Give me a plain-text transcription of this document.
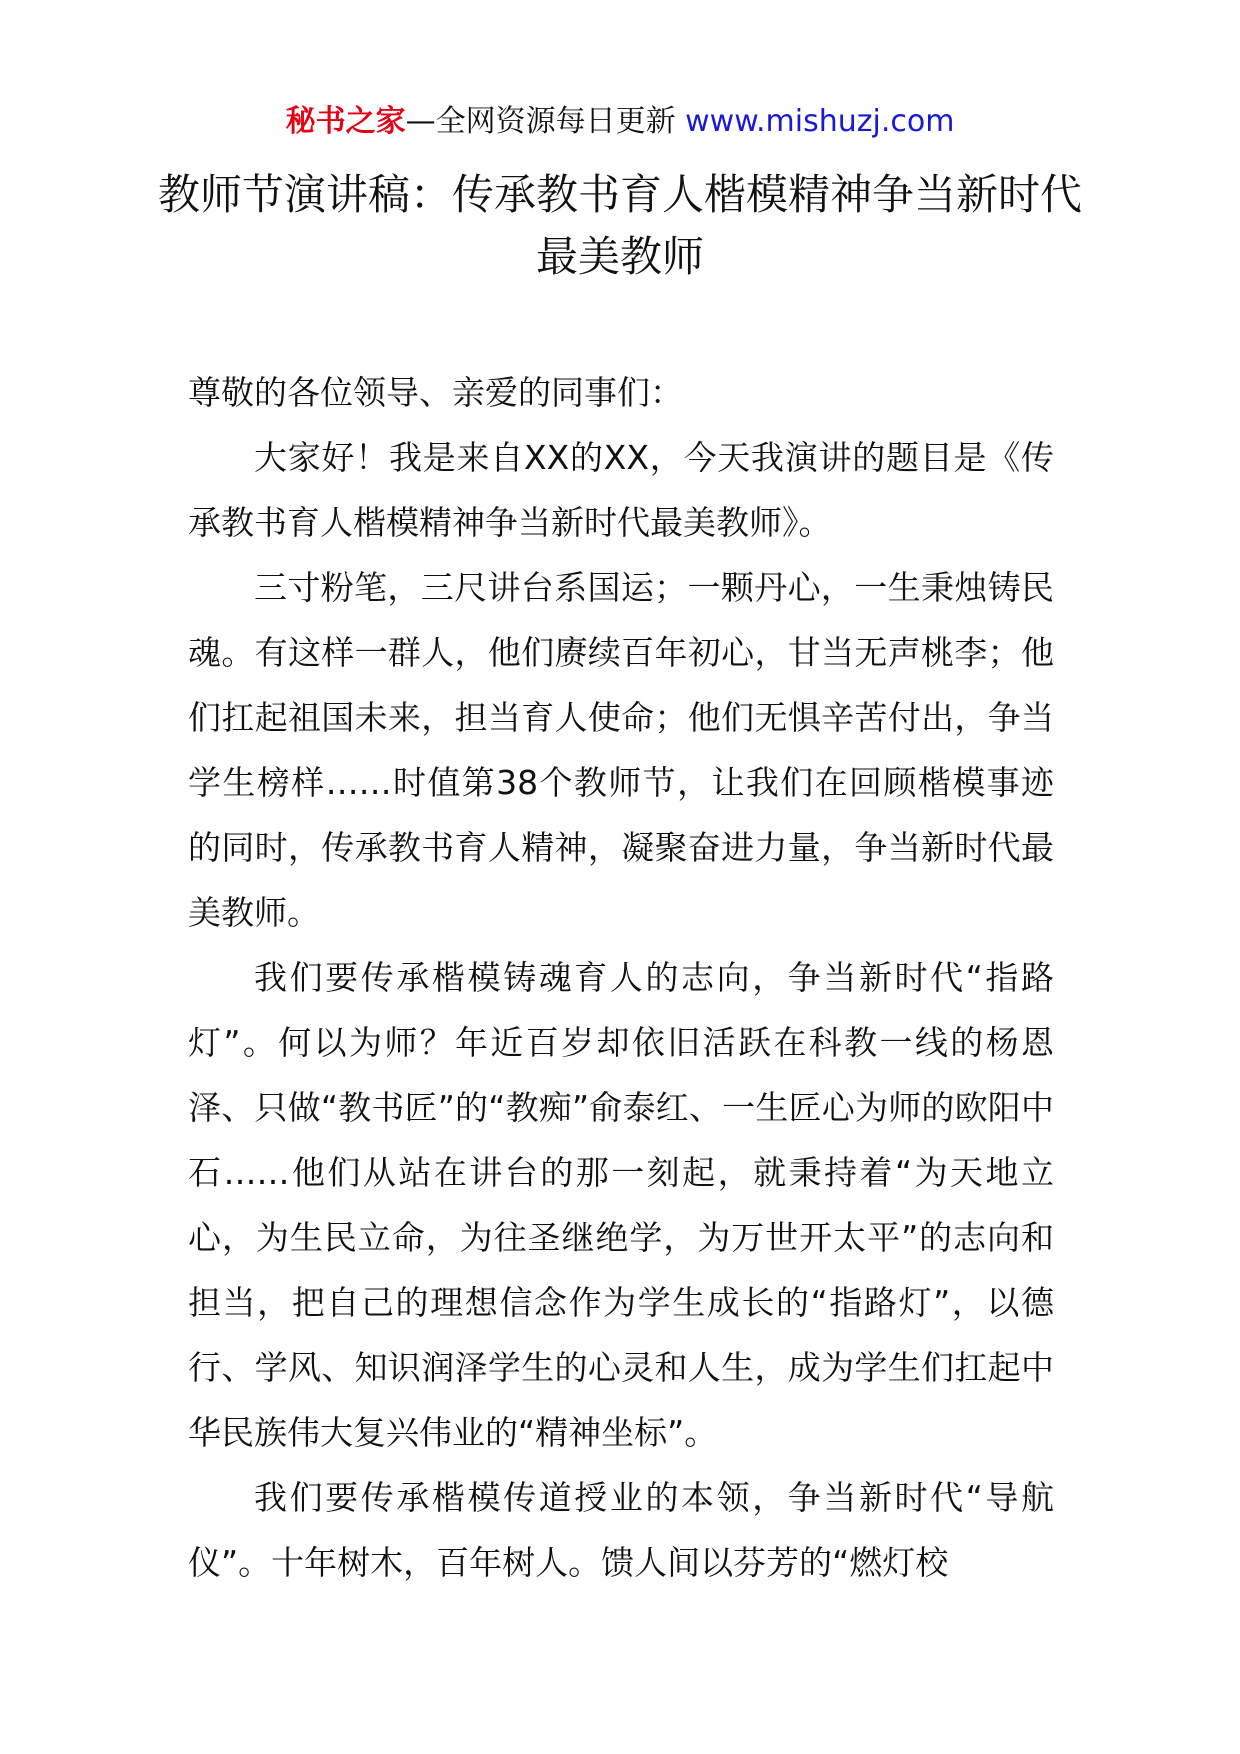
秘书之家—全网资源每日更新 www.mishuzj.com
教师节演讲稿：传承教书育人楷模精神争当新时代最美教师

尊敬的各位领导、亲爱的同事们：

大家好！我是来自XX的XX，今天我演讲的题目是《传承教书育人楷模精神争当新时代最美教师》。

三寸粉笔，三尺讲台系国运；一颗丹心，一生秉烛铸民魂。有这样一群人，他们赓续百年初心，甘当无声桃李；他们扛起祖国未来，担当育人使命；他们无惧辛苦付出，争当学生榜样……时值第38个教师节，让我们在回顾楷模事迹的同时，传承教书育人精神，凝聚奋进力量，争当新时代最美教师。

我们要传承楷模铸魂育人的志向，争当新时代“指路灯”。何以为师？年近百岁却依旧活跃在科教一线的杨恩泽、只做“教书匠”的“教痴”俞泰红、一生匠心为师的欧阳中石……他们从站在讲台的那一刻起，就秉持着“为天地立心，为生民立命，为往圣继绝学，为万世开太平”的志向和担当，把自己的理想信念作为学生成长的“指路灯”，以德行、学风、知识润泽学生的心灵和人生，成为学生们扛起中华民族伟大复兴伟业的“精神坐标”。

我们要传承楷模传道授业的本领，争当新时代“导航仪”。十年树木，百年树人。馈人间以芬芳的“燃灯校
